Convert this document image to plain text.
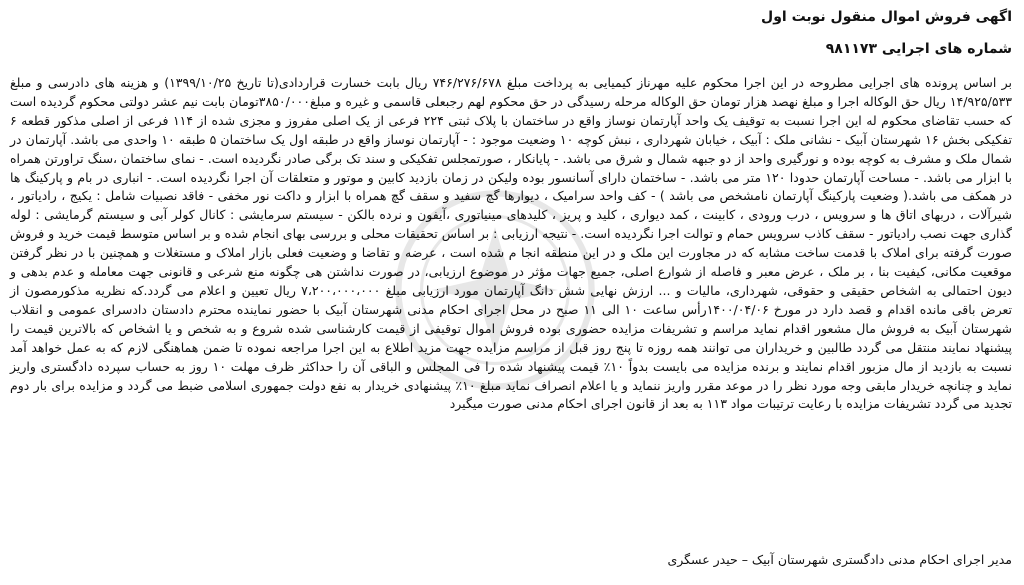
اگهی فروش اموال منقول نوبت اول
شماره های اجرایی ۹۸۱۱۷۳

بر اساس پرونده های اجرایی مطروحه در این اجرا محکوم علیه مهرناز کیمیایی به پرداخت مبلغ ۷۴۶/۲۷۶/۶۷۸ ریال بابت خسارت قراردادی(تا تاریخ ۱۳۹۹/۱۰/۲۵) و هزینه های دادرسی و مبلغ ۱۴/۹۲۵/۵۳۳ ریال حق الوکاله اجرا و مبلغ نهصد هزار تومان حق الوکاله مرحله رسیدگی در حق محکوم لهم رجبعلی قاسمی و غیره و مبلغ۳۸۵۰/۰۰۰تومان بابت نیم عشر دولتی محکوم گردیده است که حسب تقاضای محکوم له این اجرا نسبت به توقیف یک واحد آپارتمان نوساز واقع در ساختمان با پلاک ثبتی ۲۲۴ فرعی از یک اصلی مفروز و مجزی شده از ۱۱۴ فرعی از اصلی مذکور قطعه ۶ تفکیکی بخش ۱۶ شهرستان آبیک - نشانی ملک : آبیک ، خیابان شهرداری ، نبش کوچه ۱۰ وضعیت موجود : - آپارتمان نوساز واقع در طبقه اول یک ساختمان ۵ طبقه ۱۰ واحدی می باشد. آپارتمان در شمال ملک و مشرف به کوچه بوده و نورگیری واحد از دو جبهه شمال و شرق می باشد. - پایانکار ، صورتمجلس تفکیکی و سند تک برگی صادر نگردیده است. - نمای ساختمان ،سنگ تراورتن همراه با ابزار می باشد. - مساحت آپارتمان حدودا ۱۲۰ متر می باشد. - ساختمان دارای آسانسور بوده ولیکن در زمان بازدید کابین و موتور و متعلقات آن اجرا نگردیده است. - انباری در بام و پارکینگ ها در همکف می باشد.( وضعیت پارکینگ آپارتمان نامشخص می باشد ) - کف واحد سرامیک ، دیوارها گچ سفید و سقف گچ همراه با ابزار و داکت نور مخفی - فاقد نصبیات شامل : یکیج ، رادیاتور ، شیرآلات ، دربهای اتاق ها و سرویس ، درب ورودی ، کابینت ، کمد دیواری ، کلید و پریز ، کلیدهای مینیاتوری ،آیفون و نرده بالکن - سیستم سرمایشی : کانال کولر آبی و سیستم گرمایشی : لوله گذاری جهت نصب رادیاتور - سقف کاذب سرویس حمام و توالت اجرا نگردیده است. - نتیجه ارزیابی : بر اساس تحقیقات محلی و بررسی بهای انجام شده و بر اساس متوسط قیمت خرید و فروش صورت گرفته برای املاک با قدمت ساخت مشابه که در مجاورت این ملک و در این منطقه انجا م شده است ، عرضه و تقاضا و وضعیت فعلی بازار املاک و مستغلات و همچنین با در نظر گرفتن موقعیت مکانی، کیفیت بنا ، بر ملک ، عرض معبر و فاصله از شوارع اصلی، جمیع جهات مؤثر در موضوع ارزیابی، در صورت نداشتن هی چگونه منع شرعی و قانونی جهت معامله و عدم بدهی و دیون احتمالی به اشخاص حقیقی و حقوقی، شهرداری، مالیات و ... ارزش نهایی شش دانگ آپارتمان مورد ارزیابی مبلغ ۷،۲۰۰،۰۰۰،۰۰۰ ریال تعیین و اعلام می گردد.که نظریه مذکورمصون از تعرض باقی مانده اقدام و قصد دارد در مورخ ۱۴۰۰/۰۴/۰۶رأس ساعت ۱۰ الی ۱۱ صبح در محل اجرای احکام مدنی شهرستان آبیک با حضور نماینده محترم دادستان دادسرای عمومی و انقلاب شهرستان آبیک به فروش مال مشعور اقدام نماید مراسم و تشریفات مزایده حضوری بوده فروش اموال توقیفی از قیمت کارشناسی شده شروع و به شخص و یا اشخاص که بالاترین قیمت را پیشنهاد نمایند منتقل می گردد طالبین و خریداران می توانند همه روزه تا پنج روز قبل از مراسم مزایده جهت مزید اطلاع به این اجرا مراجعه نموده تا ضمن هماهنگی لازم که به عمل خواهد آمد نسبت به بازدید از مال مزبور اقدام نمایند و برنده مزایده می بایست بدواً ۱۰٪ قیمت پیشنهاد شده را فی المجلس و الباقی آن را حداکثر ظرف مهلت ۱۰ روز به حساب سپرده دادگستری واریز نماید و چنانچه خریدار مابقی وجه مورد نظر را در موعد مقرر واریز ننماید و یا اعلام انصراف نماید مبلغ ۱۰٪ پیشنهادی خریدار به نفع دولت جمهوری اسلامی ضبط می گردد و مزایده برای بار دوم تجدید می گردد تشریفات مزایده با رعایت ترتیبات مواد ۱۱۳ به بعد از قانون اجرای احکام مدنی صورت میگیرد

مدیر اجرای احکام مدنی دادگستری شهرستان آبیک – حیدر عسگری
